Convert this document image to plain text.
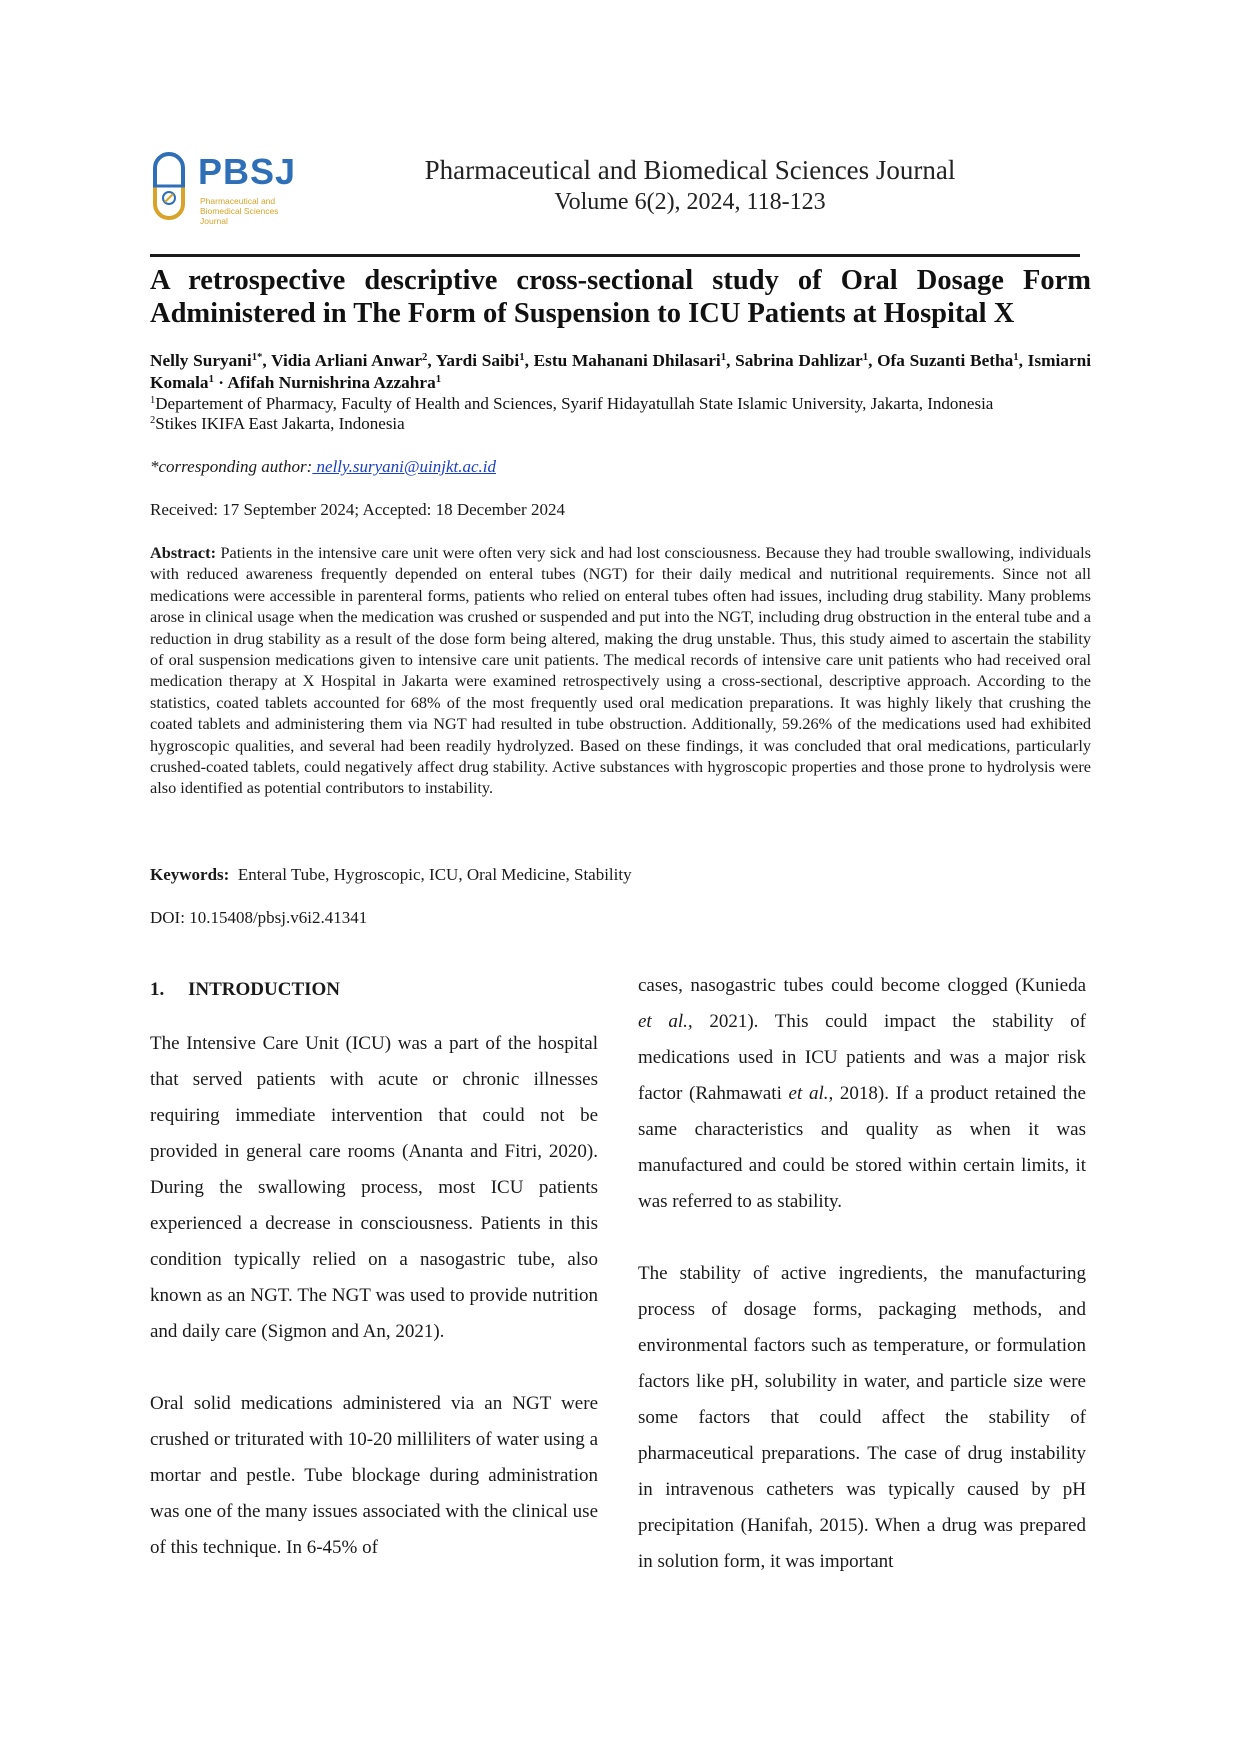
PBSJ
Pharmaceutical and Biomedical Sciences Journal
Pharmaceutical and Biomedical Sciences Journal
Volume 6(2), 2024, 118-123
A retrospective descriptive cross-sectional study of Oral Dosage Form Administered in The Form of Suspension to ICU Patients at Hospital X
Nelly Suryani$^{1*}$, Vidia Arliani Anwar$^2$, Yardi Saibi$^1$, Estu Mahanani Dhilasari$^1$, Sabrina Dahlizar$^1$, Ofa Suzanti Betha$^1$, Ismiarni Komala$^1$ · Afifah Nurnishrina Azzahra$^1$
$^1$Departement of Pharmacy, Faculty of Health and Sciences, Syarif Hidayatullah State Islamic University, Jakarta, Indonesia
$^2$Stikes IKIFA East Jakarta, Indonesia
*corresponding author: nelly.suryani@uinjkt.ac.id
Received: 17 September 2024; Accepted: 18 December 2024
Abstract: Patients in the intensive care unit were often very sick and had lost consciousness. Because they had trouble swallowing, individuals with reduced awareness frequently depended on enteral tubes (NGT) for their daily medical and nutritional requirements. Since not all medications were accessible in parenteral forms, patients who relied on enteral tubes often had issues, including drug stability. Many problems arose in clinical usage when the medication was crushed or suspended and put into the NGT, including drug obstruction in the enteral tube and a reduction in drug stability as a result of the dose form being altered, making the drug unstable. Thus, this study aimed to ascertain the stability of oral suspension medications given to intensive care unit patients. The medical records of intensive care unit patients who had received oral medication therapy at X Hospital in Jakarta were examined retrospectively using a cross-sectional, descriptive approach. According to the statistics, coated tablets accounted for 68% of the most frequently used oral medication preparations. It was highly likely that crushing the coated tablets and administering them via NGT had resulted in tube obstruction. Additionally, 59.26% of the medications used had exhibited hygroscopic qualities, and several had been readily hydrolyzed. Based on these findings, it was concluded that oral medications, particularly crushed-coated tablets, could negatively affect drug stability. Active substances with hygroscopic properties and those prone to hydrolysis were also identified as potential contributors to instability.
Keywords: Enteral Tube, Hygroscopic, ICU, Oral Medicine, Stability
DOI: 10.15408/pbsj.v6i2.41341
1. INTRODUCTION

The Intensive Care Unit (ICU) was a part of the hospital that served patients with acute or chronic illnesses requiring immediate intervention that could not be provided in general care rooms (Ananta and Fitri, 2020). During the swallowing process, most ICU patients experienced a decrease in consciousness. Patients in this condition typically relied on a nasogastric tube, also known as an NGT. The NGT was used to provide nutrition and daily care (Sigmon and An, 2021).

Oral solid medications administered via an NGT were crushed or triturated with 10-20 milliliters of water using a mortar and pestle. Tube blockage during administration was one of the many issues associated with the clinical use of this technique. In 6-45% of

cases, nasogastric tubes could become clogged (Kunieda et al., 2021). This could impact the stability of medications used in ICU patients and was a major risk factor (Rahmawati et al., 2018). If a product retained the same characteristics and quality as when it was manufactured and could be stored within certain limits, it was referred to as stability.

The stability of active ingredients, the manufacturing process of dosage forms, packaging methods, and environmental factors such as temperature, or formulation factors like pH, solubility in water, and particle size were some factors that could affect the stability of pharmaceutical preparations. The case of drug instability in intravenous catheters was typically caused by pH precipitation (Hanifah, 2015). When a drug was prepared in solution form, it was important
